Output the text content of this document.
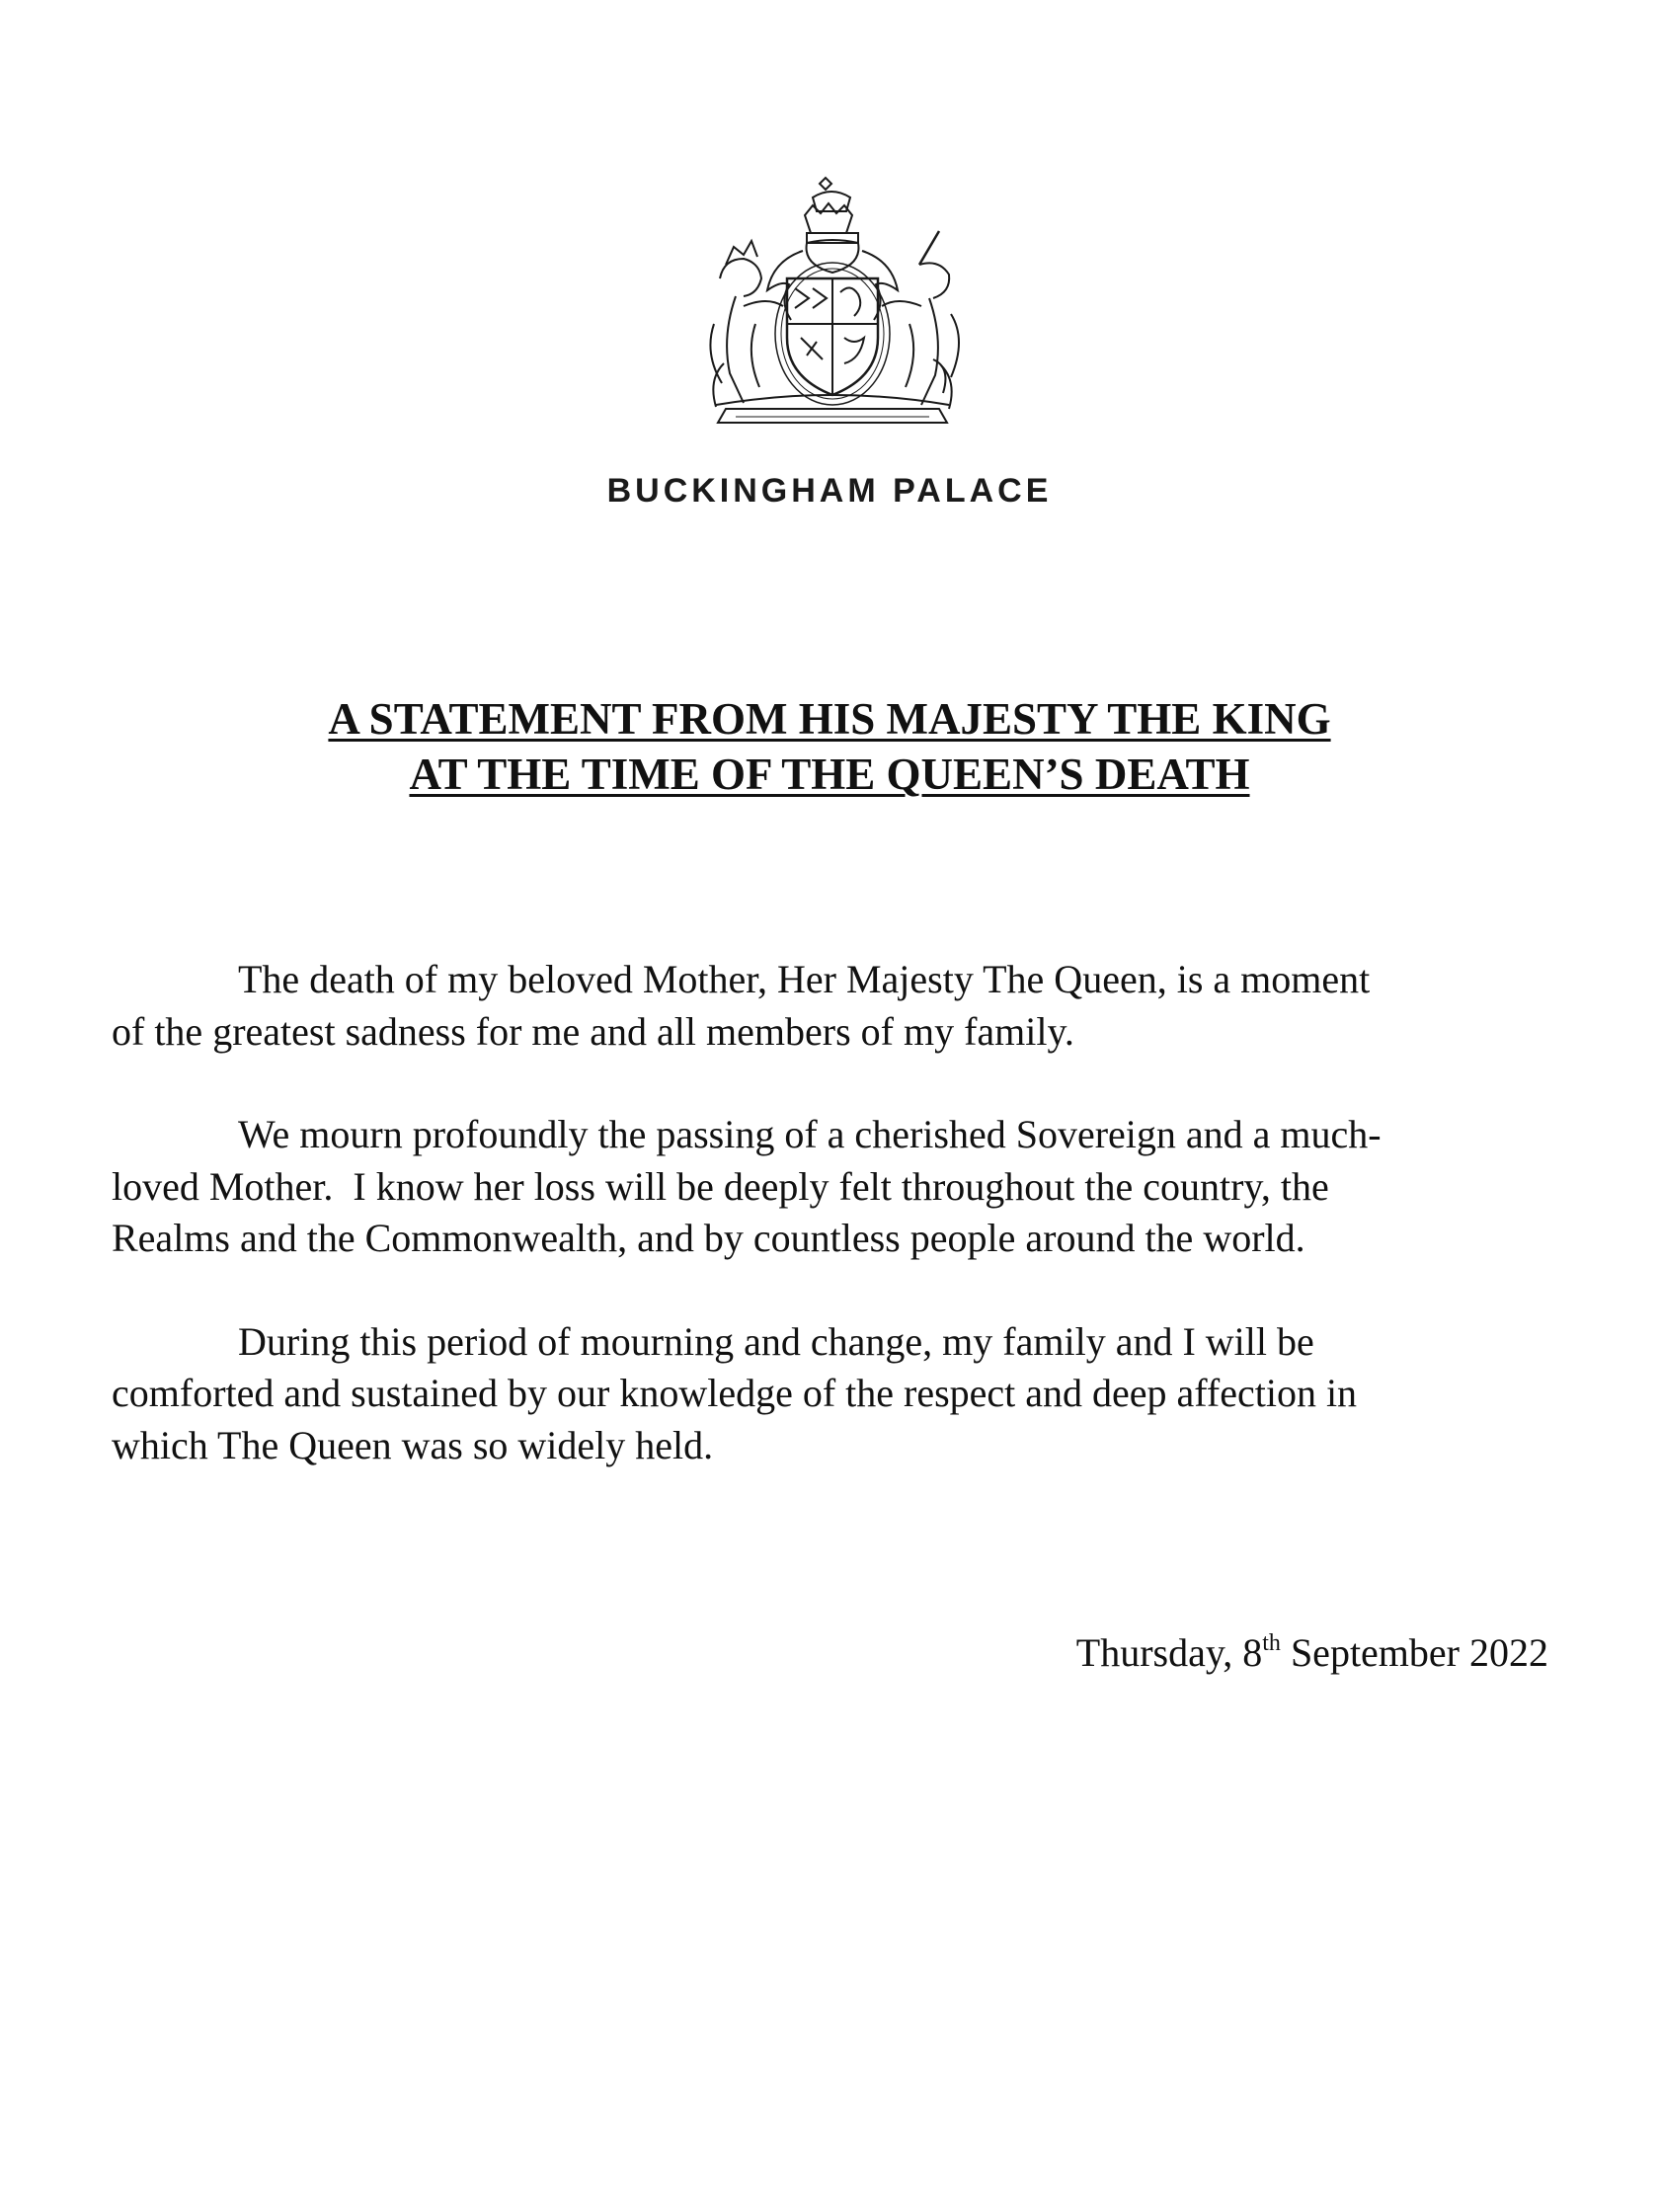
BUCKINGHAM PALACE
A STATEMENT FROM HIS MAJESTY THE KING
AT THE TIME OF THE QUEEN’S DEATH

The death of my beloved Mother, Her Majesty The Queen, is a moment
of the greatest sadness for me and all members of my family.

We mourn profoundly the passing of a cherished Sovereign and a much-
loved Mother.  I know her loss will be deeply felt throughout the country, the
Realms and the Commonwealth, and by countless people around the world.

During this period of mourning and change, my family and I will be
comforted and sustained by our knowledge of the respect and deep affection in
which The Queen was so widely held.

Thursday, 8th September 2022
